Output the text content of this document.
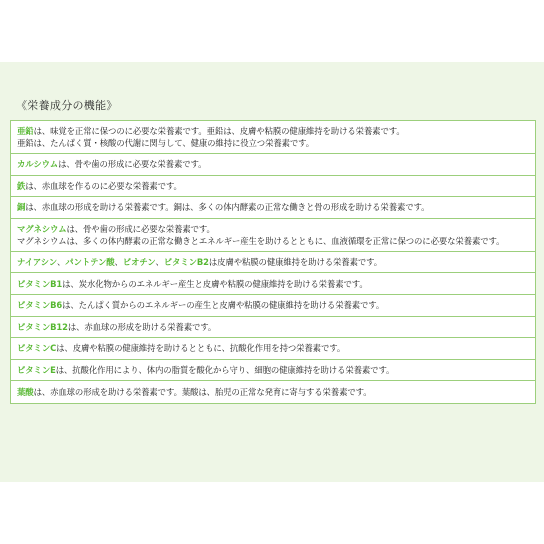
《栄養成分の機能》
亜鉛は、味覚を正常に保つのに必要な栄養素です。亜鉛は、皮膚や粘膜の健康維持を助ける栄養素です。
亜鉛は、たんぱく質・核酸の代謝に関与して、健康の維持に役立つ栄養素です。
カルシウムは、骨や歯の形成に必要な栄養素です。
鉄は、赤血球を作るのに必要な栄養素です。
銅は、赤血球の形成を助ける栄養素です。銅は、多くの体内酵素の正常な働きと骨の形成を助ける栄養素です。
マグネシウムは、骨や歯の形成に必要な栄養素です。
マグネシウムは、多くの体内酵素の正常な働きとエネルギー産生を助けるとともに、血液循環を正常に保つのに必要な栄養素です。
ナイアシン、パントテン酸、ビオチン、ビタミンB2は皮膚や粘膜の健康維持を助ける栄養素です。
ビタミンB1は、炭水化物からのエネルギー産生と皮膚や粘膜の健康維持を助ける栄養素です。
ビタミンB6は、たんぱく質からのエネルギーの産生と皮膚や粘膜の健康維持を助ける栄養素です。
ビタミンB12は、赤血球の形成を助ける栄養素です。
ビタミンCは、皮膚や粘膜の健康維持を助けるとともに、抗酸化作用を持つ栄養素です。
ビタミンEは、抗酸化作用により、体内の脂質を酸化から守り、細胞の健康維持を助ける栄養素です。
葉酸は、赤血球の形成を助ける栄養素です。葉酸は、胎児の正常な発育に寄与する栄養素です。
